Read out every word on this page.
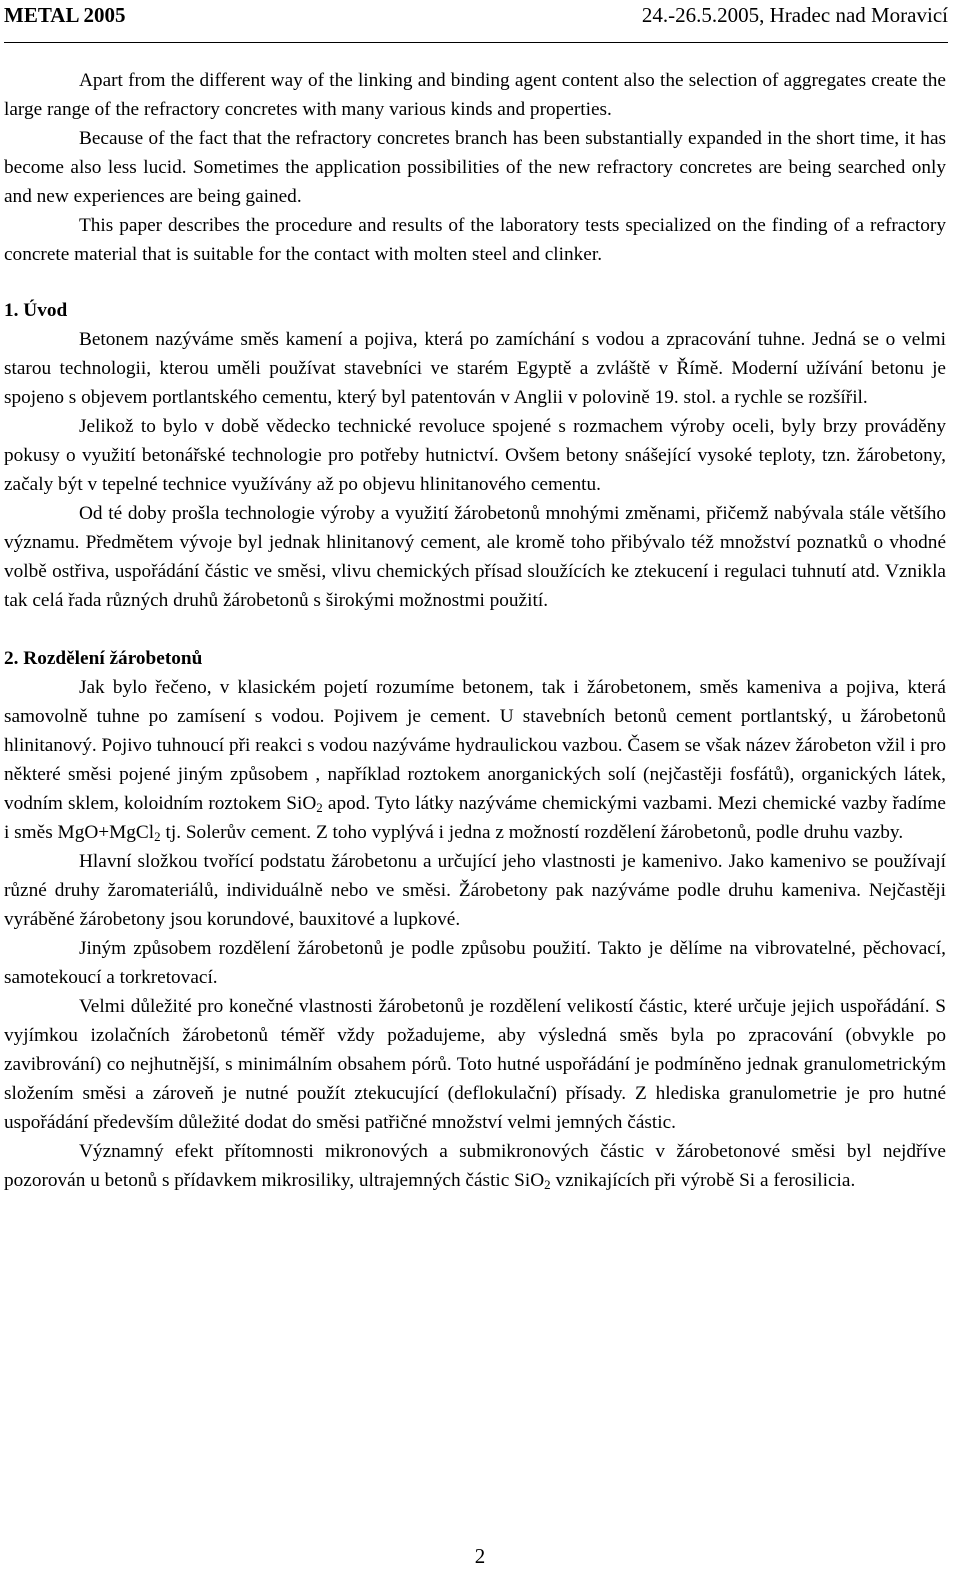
METAL 2005	24.-26.5.2005, Hradec nad Moravicí

Apart from the different way of the linking and binding agent content also the selection of aggregates create the large range of the refractory concretes with many various kinds and properties.

Because of the fact that the refractory concretes branch has been substantially expanded in the short time, it has become also less lucid. Sometimes the application possibilities of the new refractory concretes are being searched only and new experiences are being gained.

This paper describes the procedure and results of the laboratory tests specialized on the finding of a refractory concrete material that is suitable for the contact with molten steel and clinker.

1. Úvod

Betonem nazýváme směs kamení a pojiva, která po zamíchání s vodou a zpracování tuhne. Jedná se o velmi starou technologii, kterou uměli používat stavebníci ve starém Egyptě a zvláště v Římě. Moderní užívání betonu je spojeno s objevem portlantského cementu, který byl patentován v Anglii v polovině 19. stol. a rychle se rozšířil.

Jelikož to bylo v době vědecko technické revoluce spojené s rozmachem výroby oceli, byly brzy prováděny pokusy o využití betonářské technologie pro potřeby hutnictví. Ovšem betony snášející vysoké teploty, tzn. žárobetony, začaly být v tepelné technice využívány až po objevu hlinitanového cementu.

Od té doby prošla technologie výroby a využití žárobetonů mnohými změnami, přičemž nabývala stále většího významu. Předmětem vývoje byl jednak hlinitanový cement, ale kromě toho přibývalo též množství poznatků o vhodné volbě ostřiva, uspořádání částic ve směsi, vlivu chemických přísad sloužících ke ztekucení i regulaci tuhnutí atd. Vznikla tak celá řada různých druhů žárobetonů s širokými možnostmi použití.

2. Rozdělení žárobetonů

Jak bylo řečeno, v klasickém pojetí rozumíme betonem, tak i žárobetonem, směs kameniva a pojiva, která samovolně tuhne po zamísení s vodou. Pojivem je cement. U stavebních betonů cement portlantský, u žárobetonů hlinitanový. Pojivo tuhnoucí při reakci s vodou nazýváme hydraulickou vazbou. Časem se však název žárobeton vžil i pro některé směsi pojené jiným způsobem , například roztokem anorganických solí (nejčastěji fosfátů), organických látek, vodním sklem, koloidním roztokem SiO$_2$ apod. Tyto látky nazýváme chemickými vazbami. Mezi chemické vazby řadíme i směs MgO+MgCl$_2$ tj. Solerův cement. Z toho vyplývá i jedna z možností rozdělení žárobetonů, podle druhu vazby.

Hlavní složkou tvořící podstatu žárobetonu a určující jeho vlastnosti je kamenivo. Jako kamenivo se používají různé druhy žaromateriálů, individuálně nebo ve směsi. Žárobetony pak nazýváme podle druhu kameniva. Nejčastěji vyráběné žárobetony jsou korundové, bauxitové a lupkové.

Jiným způsobem rozdělení žárobetonů je podle způsobu použití. Takto je dělíme na vibrovatelné, pěchovací, samotekoucí a torkretovací.

Velmi důležité pro konečné vlastnosti žárobetonů je rozdělení velikostí částic, které určuje jejich uspořádání. S vyjímkou izolačních žárobetonů téměř vždy požadujeme, aby výsledná směs byla po zpracování (obvykle po zavibrování) co nejhutnější, s minimálním obsahem pórů. Toto hutné uspořádání je podmíněno jednak granulometrickým složením směsi a zároveň je nutné použít ztekucující (deflokulační) přísady. Z hlediska granulometrie je pro hutné uspořádání především důležité dodat do směsi patřičné množství velmi jemných částic.

Významný efekt přítomnosti mikronových a submikronových částic v žárobetonové směsi byl nejdříve pozorován u betonů s přídavkem mikrosiliky, ultrajemných částic SiO$_2$ vznikajících při výrobě Si a ferosilicia.

2
